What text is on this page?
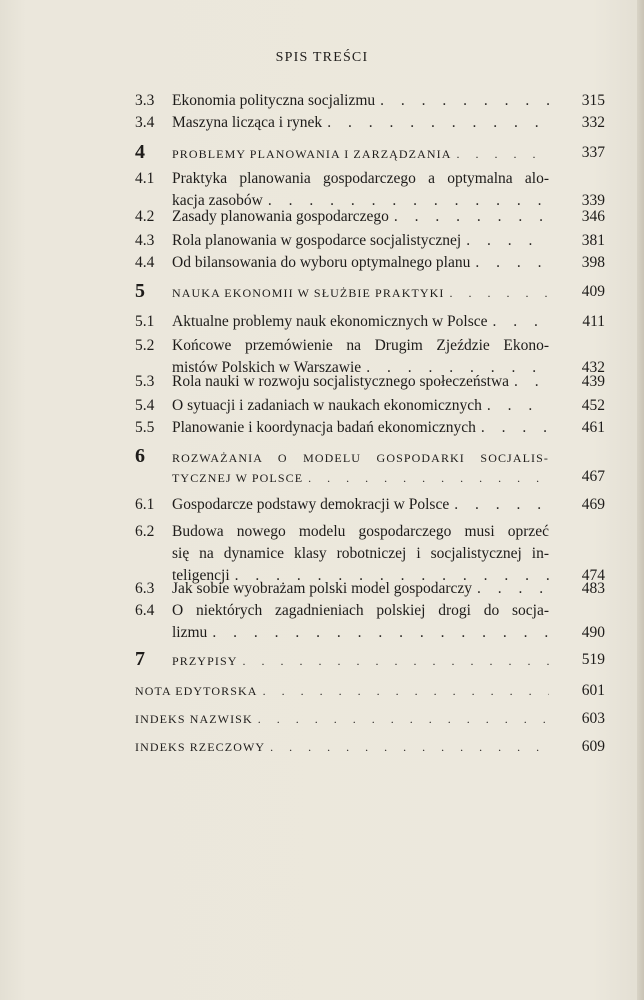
SPIS TREŚCI
3.3	Ekonomia polityczna socjalizmu . . .	315
3.4	Maszyna licząca i rynek . . .	332
4 PROBLEMY PLANOWANIA I ZARZĄDZANIA . . .	337
4.1	Praktyka planowania gospodarczego a optymalna alo-
kacja zasobów . . .	339
4.2	Zasady planowania gospodarczego . . .	346
4.3	Rola planowania w gospodarce socjalistycznej . . .	381
4.4	Od bilansowania do wyboru optymalnego planu . . .	398
5 NAUKA EKONOMII W SŁUŻBIE PRAKTYKI . . .	409
5.1	Aktualne problemy nauk ekonomicznych w Polsce . . .	411
5.2	Końcowe przemówienie na Drugim Zjeździe Ekono-
mistów Polskich w Warszawie . . .	432
5.3	Rola nauki w rozwoju socjalistycznego społeczeństwa . . .	439
5.4	O sytuacji i zadaniach w naukach ekonomicznych . . .	452
5.5	Planowanie i koordynacja badań ekonomicznych . . .	461
6 ROZWAŻANIA O MODELU GOSPODARKI SOCJALIS-
TYCZNEJ W POLSCE . . .	467
6.1	Gospodarcze podstawy demokracji w Polsce . . .	469
6.2	Budowa nowego modelu gospodarczego musi oprzeć
się na dynamice klasy robotniczej i socjalistycznej in-
teligencji . . .	474
6.3	Jak sobie wyobrażam polski model gospodarczy . . .	483
6.4	O niektórych zagadnieniach polskiej drogi do socja-
lizmu . . .	490
7 PRZYPISY . . .	519
NOTA EDYTORSKA . . .	601
INDEKS NAZWISK . . .	603
INDEKS RZECZOWY . . .	609
